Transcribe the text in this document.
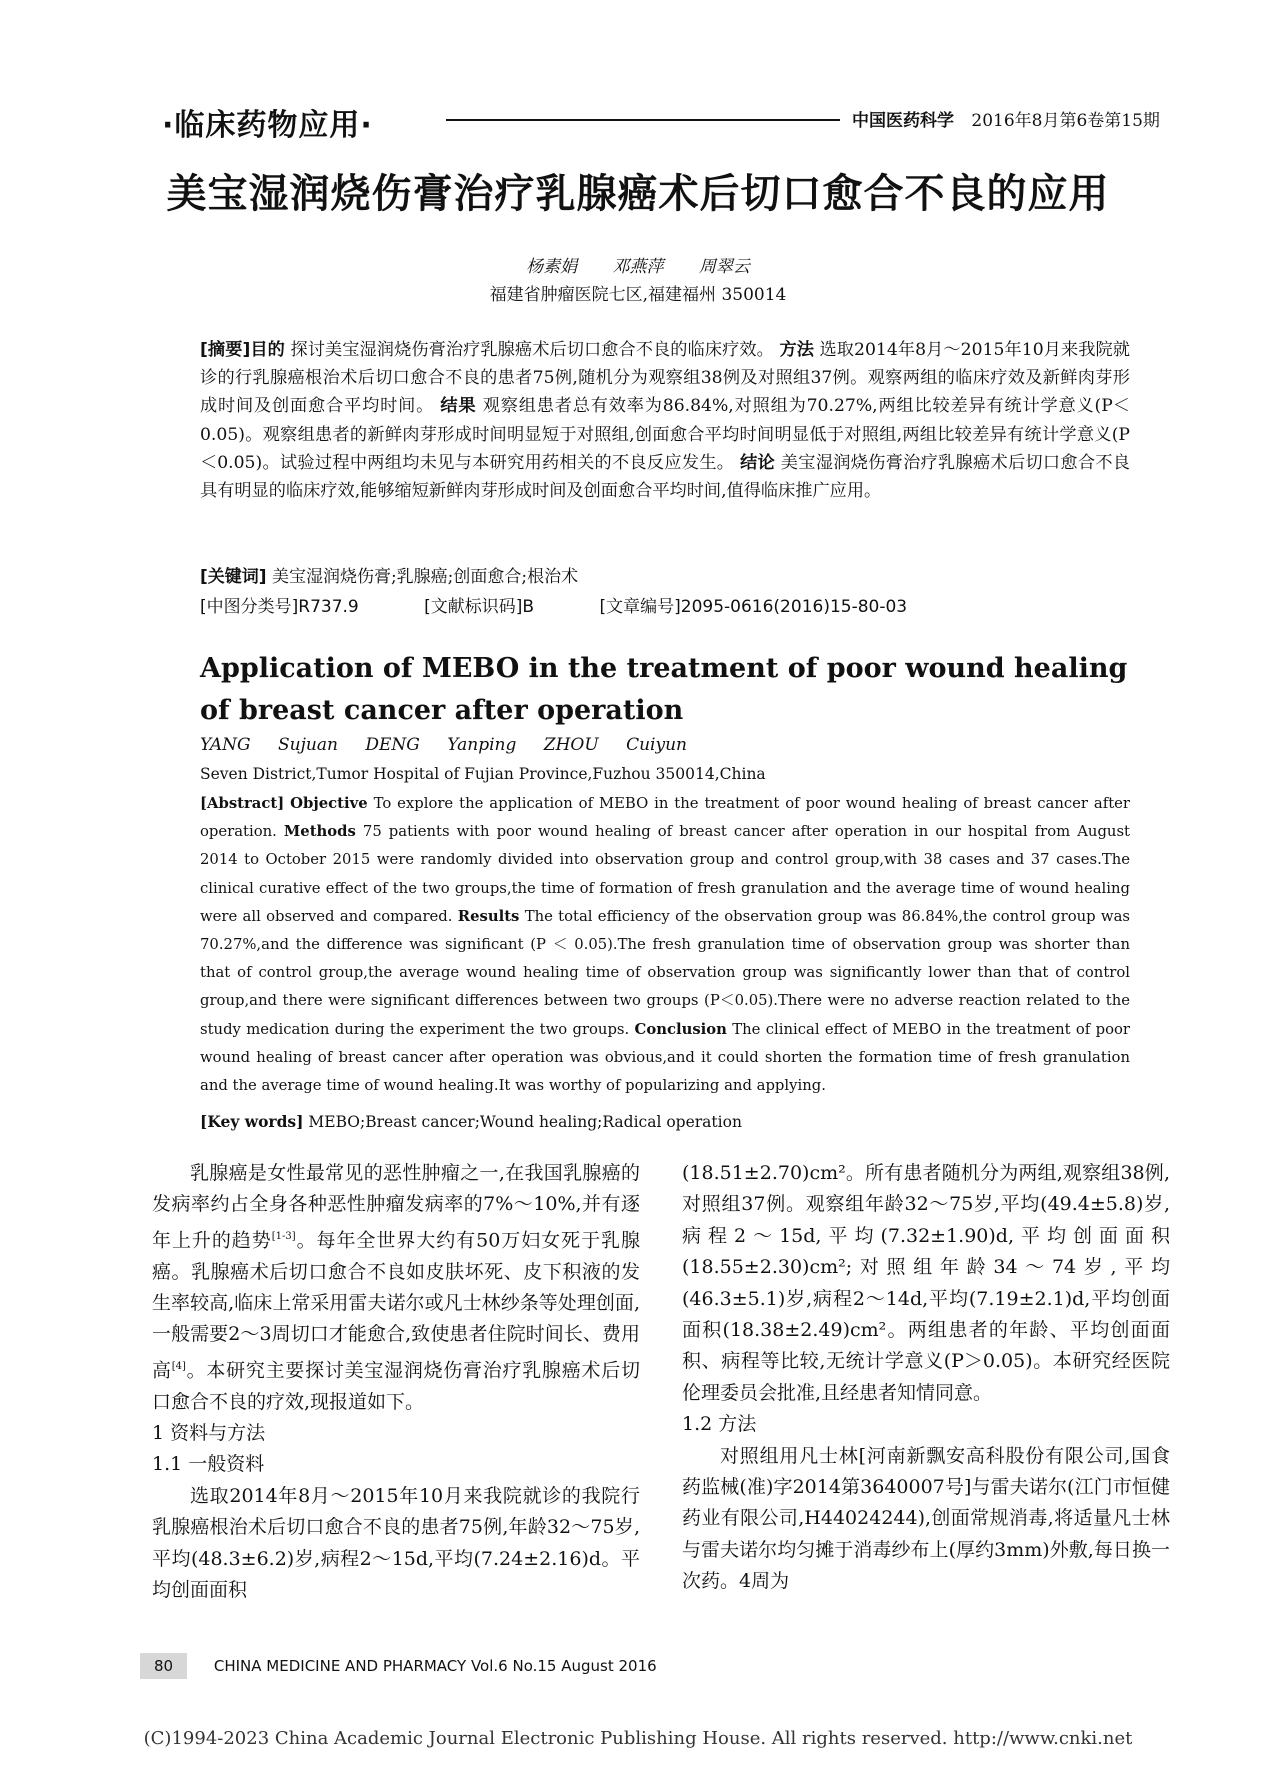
·临床药物应用·	中国医药科学 2016年8月第6卷第15期
美宝湿润烧伤膏治疗乳腺癌术后切口愈合不良的应用
杨素娟 邓燕萍 周翠云
福建省肿瘤医院七区,福建福州 350014
[摘要]目的 探讨美宝湿润烧伤膏治疗乳腺癌术后切口愈合不良的临床疗效。 方法 选取2014年8月～2015年10月来我院就诊的行乳腺癌根治术后切口愈合不良的患者75例,随机分为观察组38例及对照组37例。观察两组的临床疗效及新鲜肉芽形成时间及创面愈合平均时间。 结果 观察组患者总有效率为86.84%,对照组为70.27%,两组比较差异有统计学意义(P＜0.05)。观察组患者的新鲜肉芽形成时间明显短于对照组,创面愈合平均时间明显低于对照组,两组比较差异有统计学意义(P＜0.05)。试验过程中两组均未见与本研究用药相关的不良反应发生。 结论 美宝湿润烧伤膏治疗乳腺癌术后切口愈合不良具有明显的临床疗效,能够缩短新鲜肉芽形成时间及创面愈合平均时间,值得临床推广应用。
[关键词] 美宝湿润烧伤膏;乳腺癌;创面愈合;根治术
[中图分类号]R737.9	[文献标识码]B	[文章编号]2095-0616(2016)15-80-03
Application of MEBO in the treatment of poor wound healing of breast cancer after operation
YANG Sujuan DENG Yanping ZHOU Cuiyun
Seven District,Tumor Hospital of Fujian Province,Fuzhou 350014,China
[Abstract] Objective To explore the application of MEBO in the treatment of poor wound healing of breast cancer after operation. Methods 75 patients with poor wound healing of breast cancer after operation in our hospital from August 2014 to October 2015 were randomly divided into observation group and control group,with 38 cases and 37 cases.The clinical curative effect of the two groups,the time of formation of fresh granulation and the average time of wound healing were all observed and compared. Results The total efficiency of the observation group was 86.84%,the control group was 70.27%,and the difference was significant (P ＜ 0.05).The fresh granulation time of observation group was shorter than that of control group,the average wound healing time of observation group was significantly lower than that of control group,and there were significant differences between two groups (P＜0.05).There were no adverse reaction related to the study medication during the experiment the two groups. Conclusion The clinical effect of MEBO in the treatment of poor wound healing of breast cancer after operation was obvious,and it could shorten the formation time of fresh granulation and the average time of wound healing.It was worthy of popularizing and applying.
[Key words] MEBO;Breast cancer;Wound healing;Radical operation

乳腺癌是女性最常见的恶性肿瘤之一,在我国乳腺癌的发病率约占全身各种恶性肿瘤发病率的7%～10%,并有逐年上升的趋势[1-3]。每年全世界大约有50万妇女死于乳腺癌。乳腺癌术后切口愈合不良如皮肤坏死、皮下积液的发生率较高,临床上常采用雷夫诺尔或凡士林纱条等处理创面,一般需要2～3周切口才能愈合,致使患者住院时间长、费用高[4]。本研究主要探讨美宝湿润烧伤膏治疗乳腺癌术后切口愈合不良的疗效,现报道如下。

1 资料与方法

1.1 一般资料

选取2014年8月～2015年10月来我院就诊的我院行乳腺癌根治术后切口愈合不良的患者75例,年龄32～75岁,平均(48.3±6.2)岁,病程2～15d,平均(7.24±2.16)d。平均创面面积

(18.51±2.70)cm²。所有患者随机分为两组,观察组38例,对照组37例。观察组年龄32～75岁,平均(49.4±5.8)岁,病程2～15d,平均(7.32±1.90)d,平均创面面积(18.55±2.30)cm²;对照组年龄34～74岁,平均(46.3±5.1)岁,病程2～14d,平均(7.19±2.1)d,平均创面面积(18.38±2.49)cm²。两组患者的年龄、平均创面面积、病程等比较,无统计学意义(P＞0.05)。本研究经医院伦理委员会批准,且经患者知情同意。

1.2 方法

对照组用凡士林[河南新飘安高科股份有限公司,国食药监械(准)字2014第3640007号]与雷夫诺尔(江门市恒健药业有限公司,H44024244),创面常规消毒,将适量凡士林与雷夫诺尔均匀摊于消毒纱布上(厚约3mm)外敷,每日换一次药。4周为

80	CHINA MEDICINE AND PHARMACY Vol.6 No.15 August 2016
(C)1994-2023 China Academic Journal Electronic Publishing House. All rights reserved. http://www.cnki.net
